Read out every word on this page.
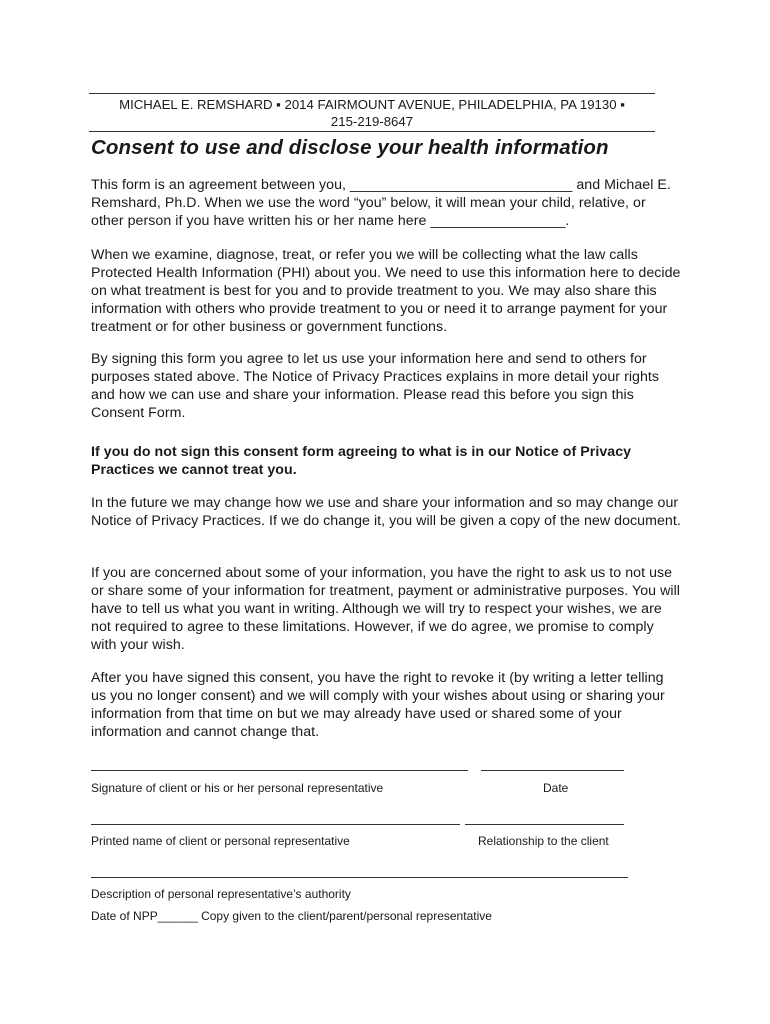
MICHAEL E. REMSHARD ▪ 2014 FAIRMOUNT AVENUE, PHILADELPHIA, PA 19130 ▪
215-219-8647
Consent to use and disclose your health information

This form is an agreement between you, ____________________________ and Michael E. Remshard, Ph.D. When we use the word “you” below, it will mean your child, relative, or other person if you have written his or her name here _________________.

When we examine, diagnose, treat, or refer you we will be collecting what the law calls Protected Health Information (PHI) about you. We need to use this information here to decide on what treatment is best for you and to provide treatment to you. We may also share this information with others who provide treatment to you or need it to arrange payment for your treatment or for other business or government functions.

By signing this form you agree to let us use your information here and send to others for purposes stated above. The Notice of Privacy Practices explains in more detail your rights and how we can use and share your information. Please read this before you sign this Consent Form.

If you do not sign this consent form agreeing to what is in our Notice of Privacy Practices we cannot treat you.

In the future we may change how we use and share your information and so may change our Notice of Privacy Practices. If we do change it, you will be given a copy of the new document.

If you are concerned about some of your information, you have the right to ask us to not use or share some of your information for treatment, payment or administrative purposes. You will have to tell us what you want in writing. Although we will try to respect your wishes, we are not required to agree to these limitations. However, if we do agree, we promise to comply with your wish.

After you have signed this consent, you have the right to revoke it (by writing a letter telling us you no longer consent) and we will comply with your wishes about using or sharing your information from that time on but we may already have used or shared some of your information and cannot change that.

Signature of client or his or her personal representative	Date

Printed name of client or personal representative	Relationship to the client

Description of personal representative’s authority

Date of NPP______ Copy given to the client/parent/personal representative
